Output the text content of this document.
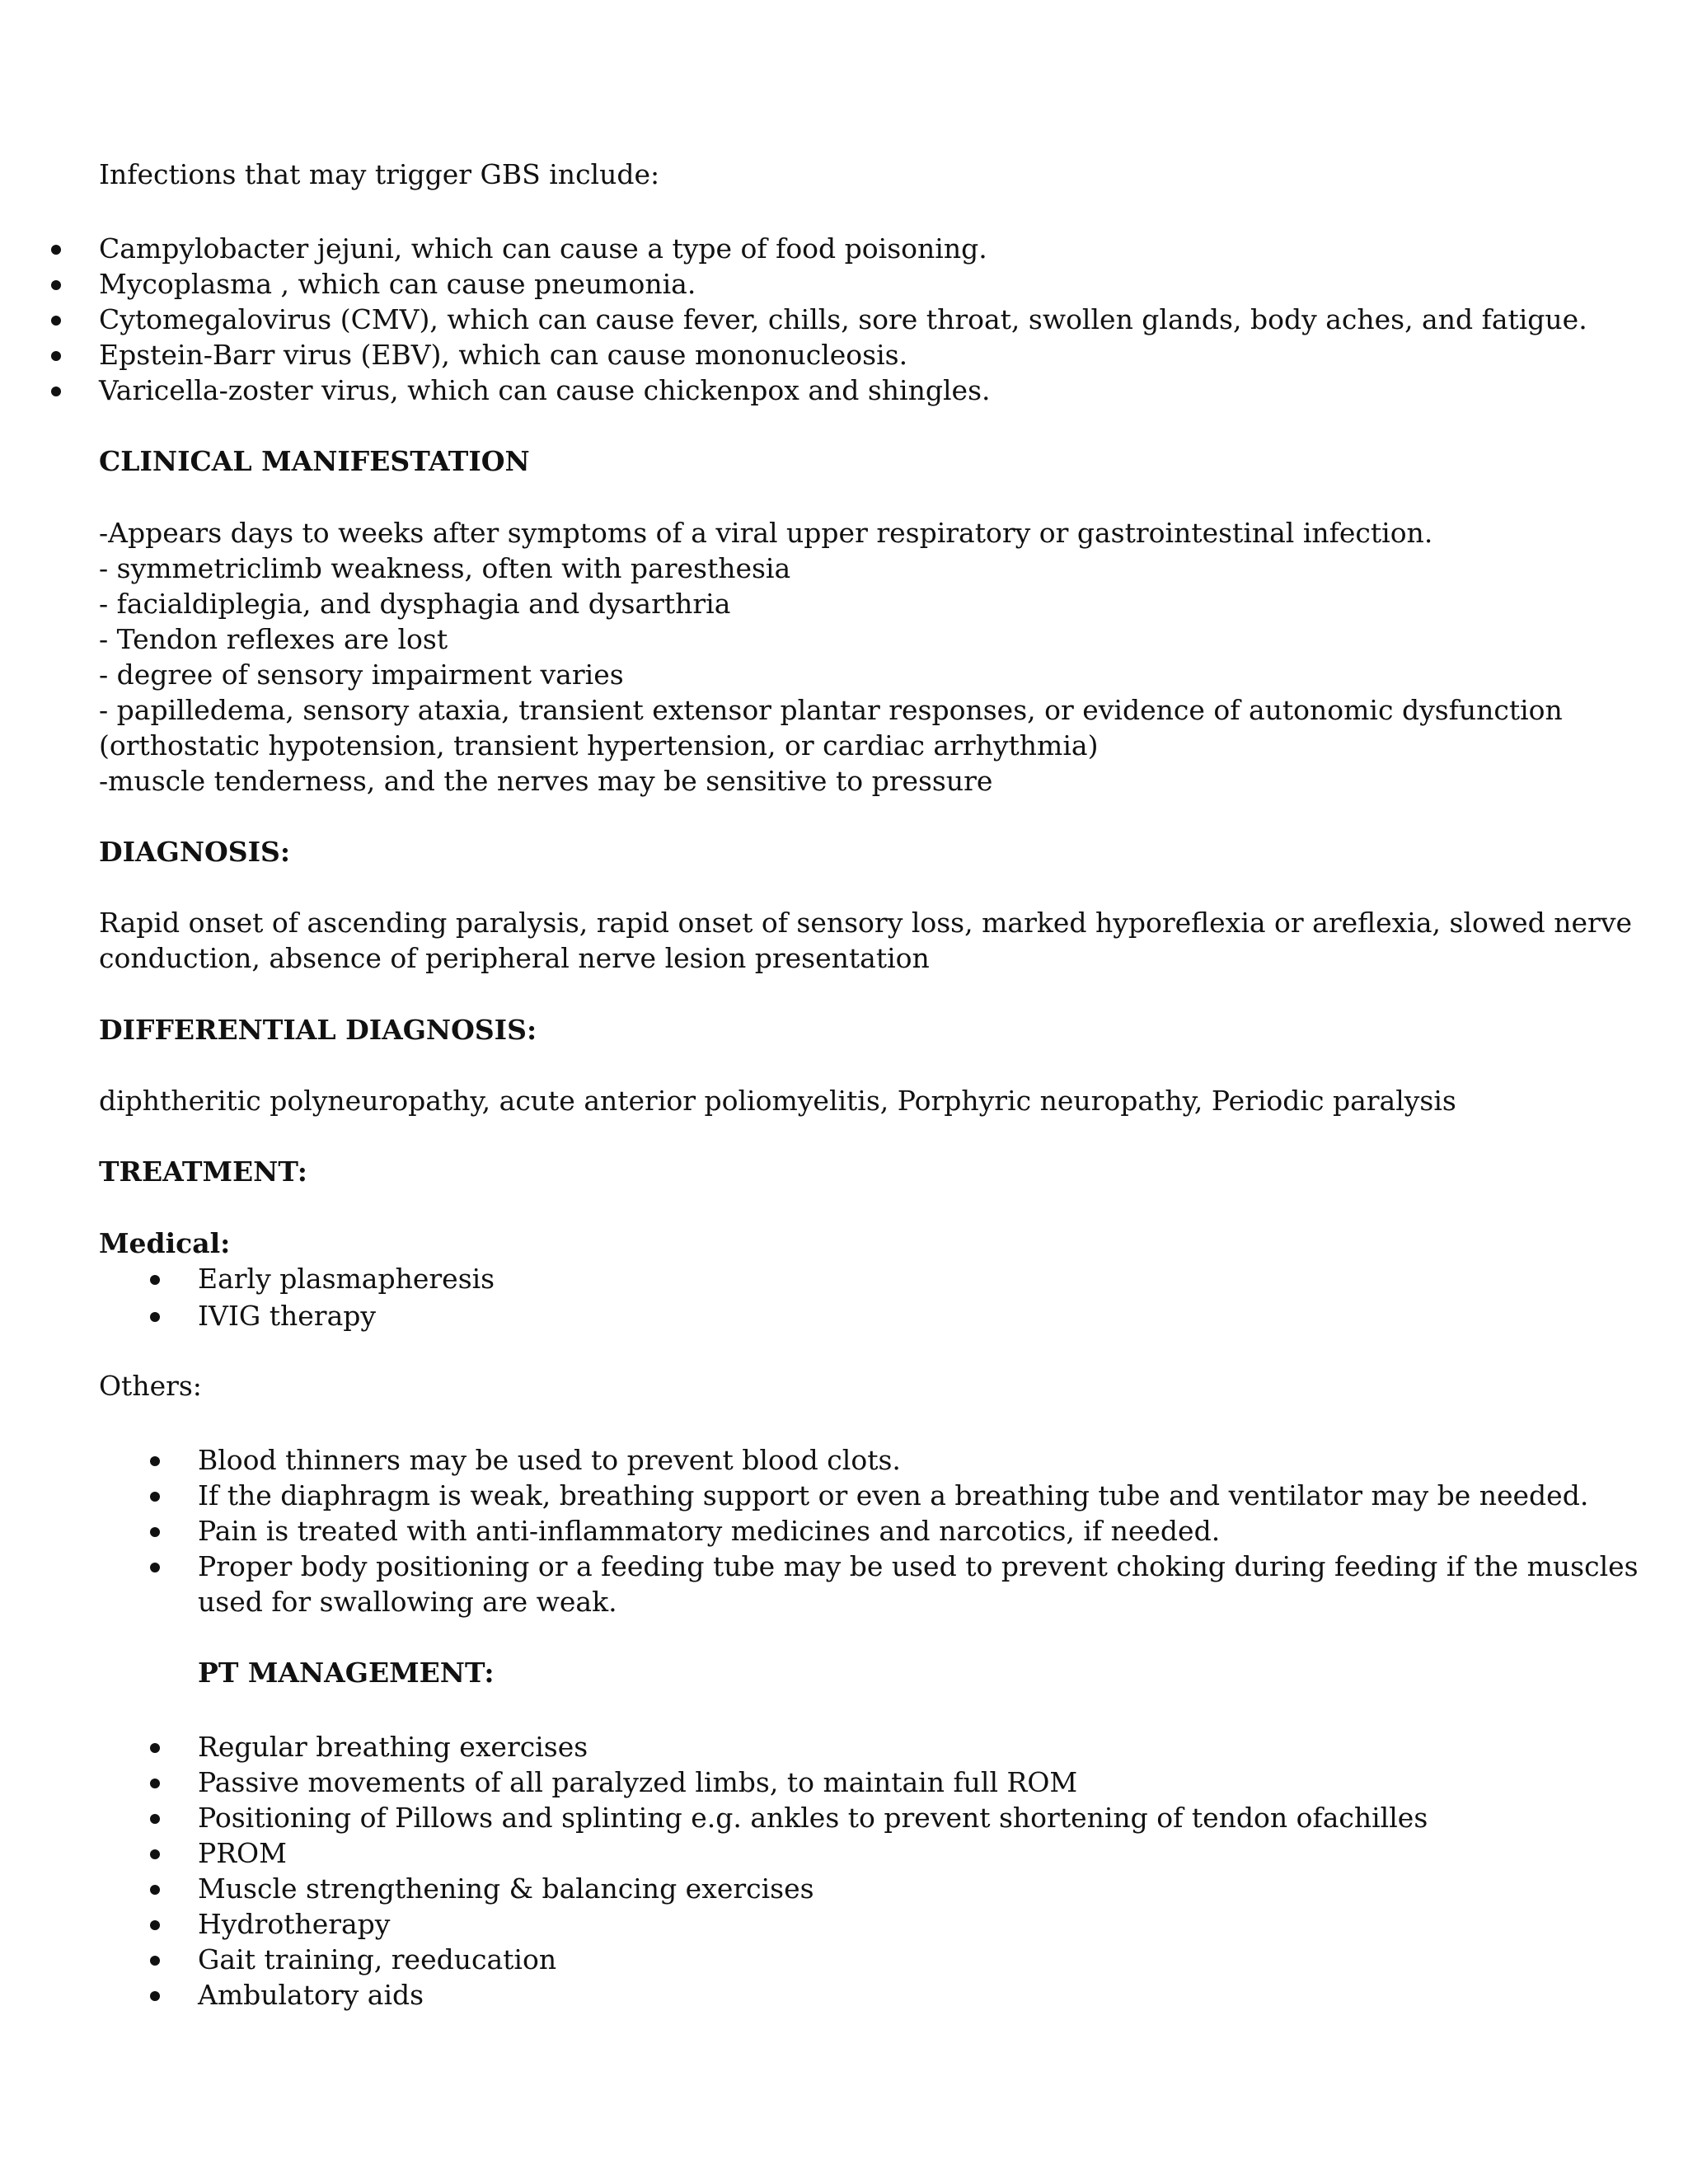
Infections that may trigger GBS include:
Campylobacter jejuni, which can cause a type of food poisoning.
Mycoplasma , which can cause pneumonia.
Cytomegalovirus (CMV), which can cause fever, chills, sore throat, swollen glands, body aches, and fatigue.
Epstein-Barr virus (EBV), which can cause mononucleosis.
Varicella-zoster virus, which can cause chickenpox and shingles.
CLINICAL MANIFESTATION
-Appears days to weeks after symptoms of a viral upper respiratory or gastrointestinal infection.
- symmetriclimb weakness, often with paresthesia
- facialdiplegia, and dysphagia and dysarthria
- Tendon reflexes are lost
- degree of sensory impairment varies
- papilledema, sensory ataxia, transient extensor plantar responses, or evidence of autonomic dysfunction
(orthostatic hypotension, transient hypertension, or cardiac arrhythmia)
-muscle tenderness, and the nerves may be sensitive to pressure
DIAGNOSIS:
Rapid onset of ascending paralysis, rapid onset of sensory loss, marked hyporeflexia or areflexia, slowed nerve
conduction, absence of peripheral nerve lesion presentation
DIFFERENTIAL DIAGNOSIS:
diphtheritic polyneuropathy, acute anterior poliomyelitis, Porphyric neuropathy, Periodic paralysis
TREATMENT:
Medical:
Early plasmapheresis
IVIG therapy
Others:
Blood thinners may be used to prevent blood clots.
If the diaphragm is weak, breathing support or even a breathing tube and ventilator may be needed.
Pain is treated with anti-inflammatory medicines and narcotics, if needed.
Proper body positioning or a feeding tube may be used to prevent choking during feeding if the muscles
used for swallowing are weak.
PT MANAGEMENT:
Regular breathing exercises
Passive movements of all paralyzed limbs, to maintain full ROM
Positioning of Pillows and splinting e.g. ankles to prevent shortening of tendon ofachilles
PROM
Muscle strengthening & balancing exercises
Hydrotherapy
Gait training, reeducation
Ambulatory aids
